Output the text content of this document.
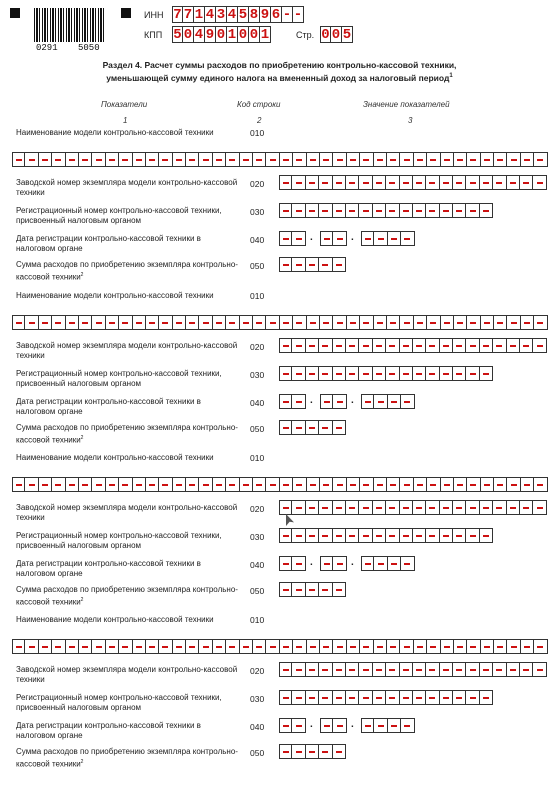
0291 5050
ИНН 7 7 1 4 3 4 5 8 9 6 - -
КПП 5 0 4 9 0 1 0 0 1	Стр. 0 0 5
Раздел 4. Расчет суммы расходов по приобретению контрольно-кассовой техники,
уменьшающей сумму единого налога на вмененный доход за налоговый период$^1$
Показатели	Код строки	Значение показателей
1	2	3
Наименование модели контрольно-кассовой техники	010
Заводской номер экземпляра модели контрольно-кассовой техники
020
Регистрационный номер контрольно-кассовой техники, присвоенный налоговым органом
030
Дата регистрации контрольно-кассовой техники в налоговом органе
040	.	.
Сумма расходов по приобретению экземпляра контрольно-кассовой техники$^2$
050
Наименование модели контрольно-кассовой техники	010
Заводской номер экземпляра модели контрольно-кассовой техники
020
Регистрационный номер контрольно-кассовой техники, присвоенный налоговым органом
030
Дата регистрации контрольно-кассовой техники в налоговом органе
040	.	.
Сумма расходов по приобретению экземпляра контрольно-кассовой техники$^2$
050
Наименование модели контрольно-кассовой техники	010
Заводской номер экземпляра модели контрольно-кассовой техники
020
Регистрационный номер контрольно-кассовой техники, присвоенный налоговым органом
030
Дата регистрации контрольно-кассовой техники в налоговом органе
040	.	.
Сумма расходов по приобретению экземпляра контрольно-кассовой техники$^2$
050
Наименование модели контрольно-кассовой техники	010
Заводской номер экземпляра модели контрольно-кассовой техники
020
Регистрационный номер контрольно-кассовой техники, присвоенный налоговым органом
030
Дата регистрации контрольно-кассовой техники в налоговом органе
040	.	.
Сумма расходов по приобретению экземпляра контрольно-кассовой техники$^2$
050
